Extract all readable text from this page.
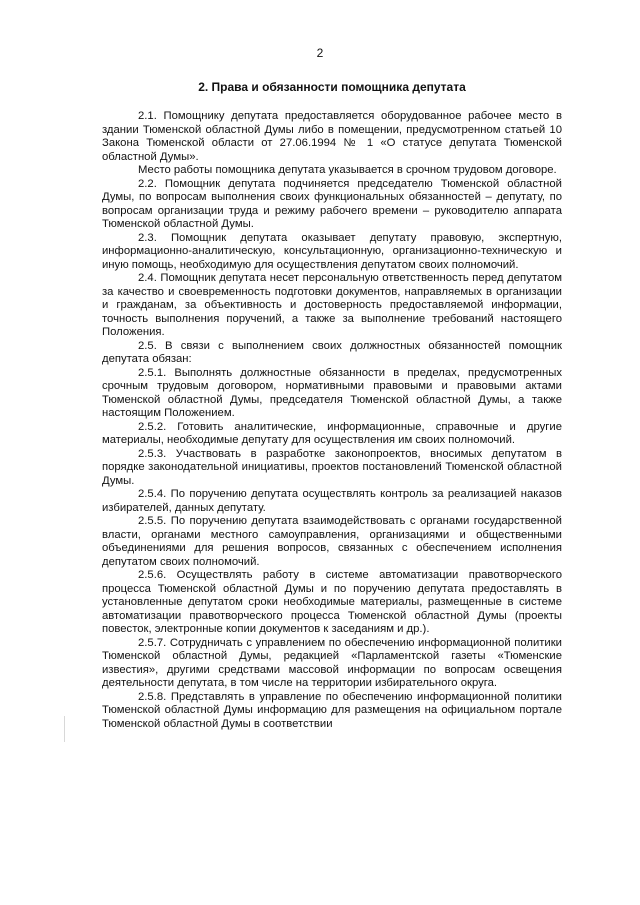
2
2. Права и обязанности помощника депутата

2.1. Помощнику депутата предоставляется оборудованное рабочее место в здании Тюменской областной Думы либо в помещении, предусмотренном статьей 10 Закона Тюменской области от 27.06.1994 № 1 «О статусе депутата Тюменской областной Думы».

Место работы помощника депутата указывается в срочном трудовом договоре.

2.2. Помощник депутата подчиняется председателю Тюменской областной Думы, по вопросам выполнения своих функциональных обязанностей – депутату, по вопросам организации труда и режиму рабочего времени – руководителю аппарата Тюменской областной Думы.

2.3. Помощник депутата оказывает депутату правовую, экспертную, информационно-аналитическую, консультационную, организационно-техническую и иную помощь, необходимую для осуществления депутатом своих полномочий.

2.4. Помощник депутата несет персональную ответственность перед депутатом за качество и своевременность подготовки документов, направляемых в организации и гражданам, за объективность и достоверность предоставляемой информации, точность выполнения поручений, а также за выполнение требований настоящего Положения.

2.5. В связи с выполнением своих должностных обязанностей помощник депутата обязан:

2.5.1. Выполнять должностные обязанности в пределах, предусмотренных срочным трудовым договором, нормативными правовыми и правовыми актами Тюменской областной Думы, председателя Тюменской областной Думы, а также настоящим Положением.

2.5.2. Готовить аналитические, информационные, справочные и другие материалы, необходимые депутату для осуществления им своих полномочий.

2.5.3. Участвовать в разработке законопроектов, вносимых депутатом в порядке законодательной инициативы, проектов постановлений Тюменской областной Думы.

2.5.4. По поручению депутата осуществлять контроль за реализацией наказов избирателей, данных депутату.

2.5.5. По поручению депутата взаимодействовать с органами государственной власти, органами местного самоуправления, организациями и общественными объединениями для решения вопросов, связанных с обеспечением исполнения депутатом своих полномочий.

2.5.6. Осуществлять работу в системе автоматизации правотворческого процесса Тюменской областной Думы и по поручению депутата предоставлять в установленные депутатом сроки необходимые материалы, размещенные в системе автоматизации правотворческого процесса Тюменской областной Думы (проекты повесток, электронные копии документов к заседаниям и др.).

2.5.7. Сотрудничать с управлением по обеспечению информационной политики Тюменской областной Думы, редакцией «Парламентской газеты «Тюменские известия», другими средствами массовой информации по вопросам освещения деятельности депутата, в том числе на территории избирательного округа.

2.5.8. Представлять в управление по обеспечению информационной политики Тюменской областной Думы информацию для размещения на официальном портале Тюменской областной Думы в соответствии
